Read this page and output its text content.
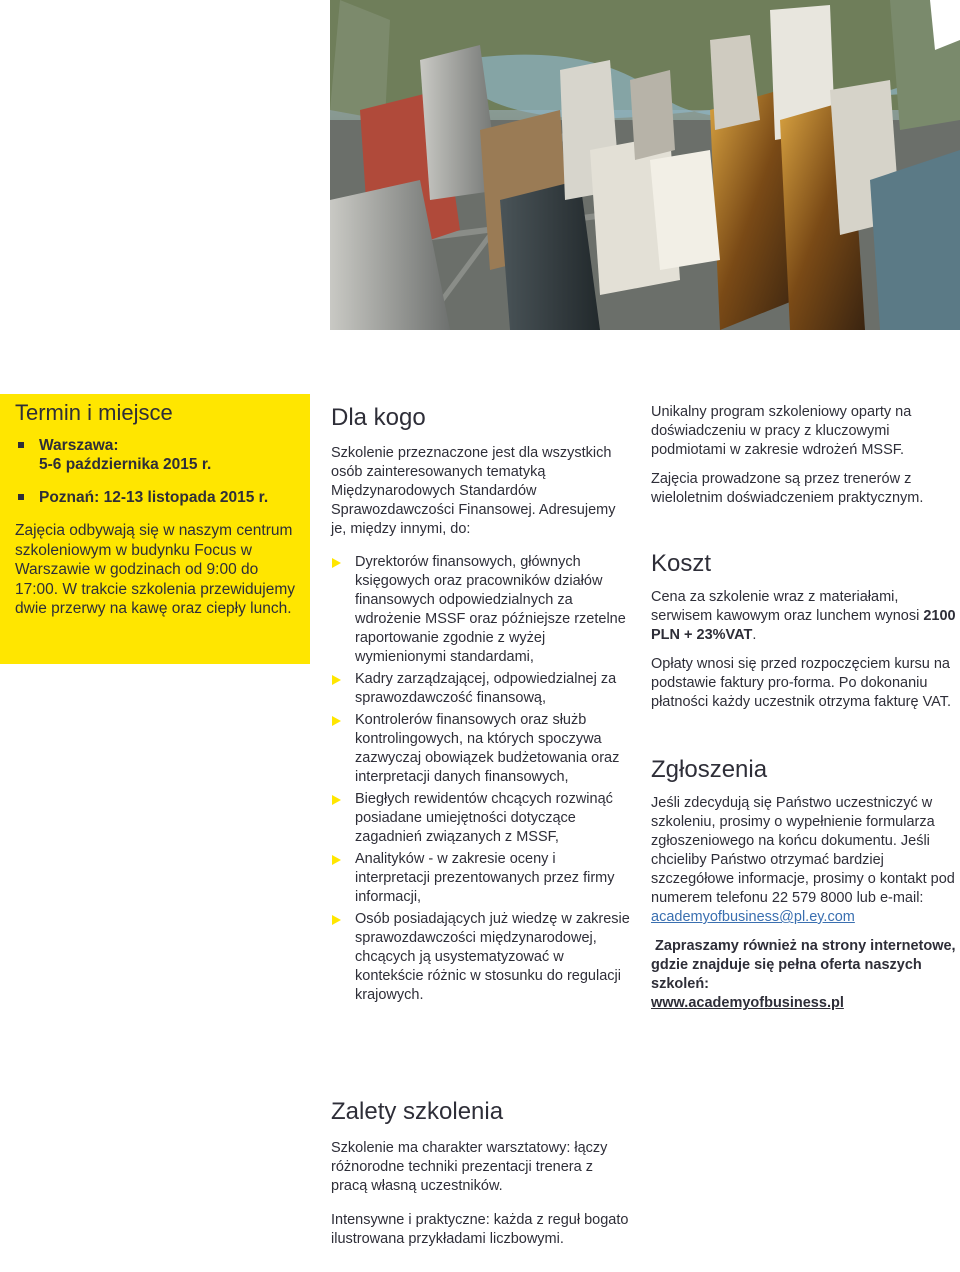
Termin i miejsce
Warszawa:
5-6 października 2015 r.
Poznań: 12-13 listopada 2015 r.

Zajęcia odbywają się w naszym centrum szkoleniowym w budynku Focus w Warszawie w godzinach od 9:00 do 17:00. W trakcie szkolenia przewidujemy dwie przerwy na kawę oraz ciepły lunch.

Dla kogo

Szkolenie przeznaczone jest dla wszystkich osób zainteresowanych tematyką Międzynarodowych Standardów Sprawozdawczości Finansowej. Adresujemy je, między innymi, do:

Dyrektorów finansowych, głównych księgowych oraz pracowników działów finansowych odpowiedzialnych za wdrożenie MSSF oraz późniejsze rzetelne raportowanie zgodnie z wyżej wymienionymi standardami,
Kadry zarządzającej, odpowiedzialnej za sprawozdawczość finansową,
Kontrolerów finansowych oraz służb kontrolingowych, na których spoczywa zazwyczaj obowiązek budżetowania oraz interpretacji danych finansowych,
Biegłych rewidentów chcących rozwinąć posiadane umiejętności dotyczące zagadnień związanych z MSSF,
Analityków - w zakresie oceny i interpretacji prezentowanych przez firmy informacji,
Osób posiadających już wiedzę w zakresie sprawozdawczości międzynarodowej, chcących ją usystematyzować w kontekście różnic w stosunku do regulacji krajowych.
Zalety szkolenia

Szkolenie ma charakter warsztatowy: łączy różnorodne techniki prezentacji trenera z pracą własną uczestników.

Intensywne i praktyczne: każda z reguł bogato ilustrowana przykładami liczbowymi.

Unikalny program szkoleniowy oparty na doświadczeniu w pracy z kluczowymi podmiotami w zakresie wdrożeń MSSF.

Zajęcia prowadzone są przez trenerów z wieloletnim doświadczeniem praktycznym.

Koszt

Cena za szkolenie wraz z materiałami, serwisem kawowym oraz lunchem wynosi 2100 PLN + 23%VAT.

Opłaty wnosi się przed rozpoczęciem kursu na podstawie faktury pro-forma. Po dokonaniu płatności każdy uczestnik otrzyma fakturę VAT.

Zgłoszenia

Jeśli zdecydują się Państwo uczestniczyć w szkoleniu, prosimy o wypełnienie formularza zgłoszeniowego na końcu dokumentu. Jeśli chcieliby Państwo otrzymać bardziej szczegółowe informacje, prosimy o kontakt pod numerem telefonu 22 579 8000 lub e-mail: academyofbusiness@pl.ey.com

Zapraszamy również na strony internetowe, gdzie znajduje się pełna oferta naszych szkoleń:
www.academyofbusiness.pl
